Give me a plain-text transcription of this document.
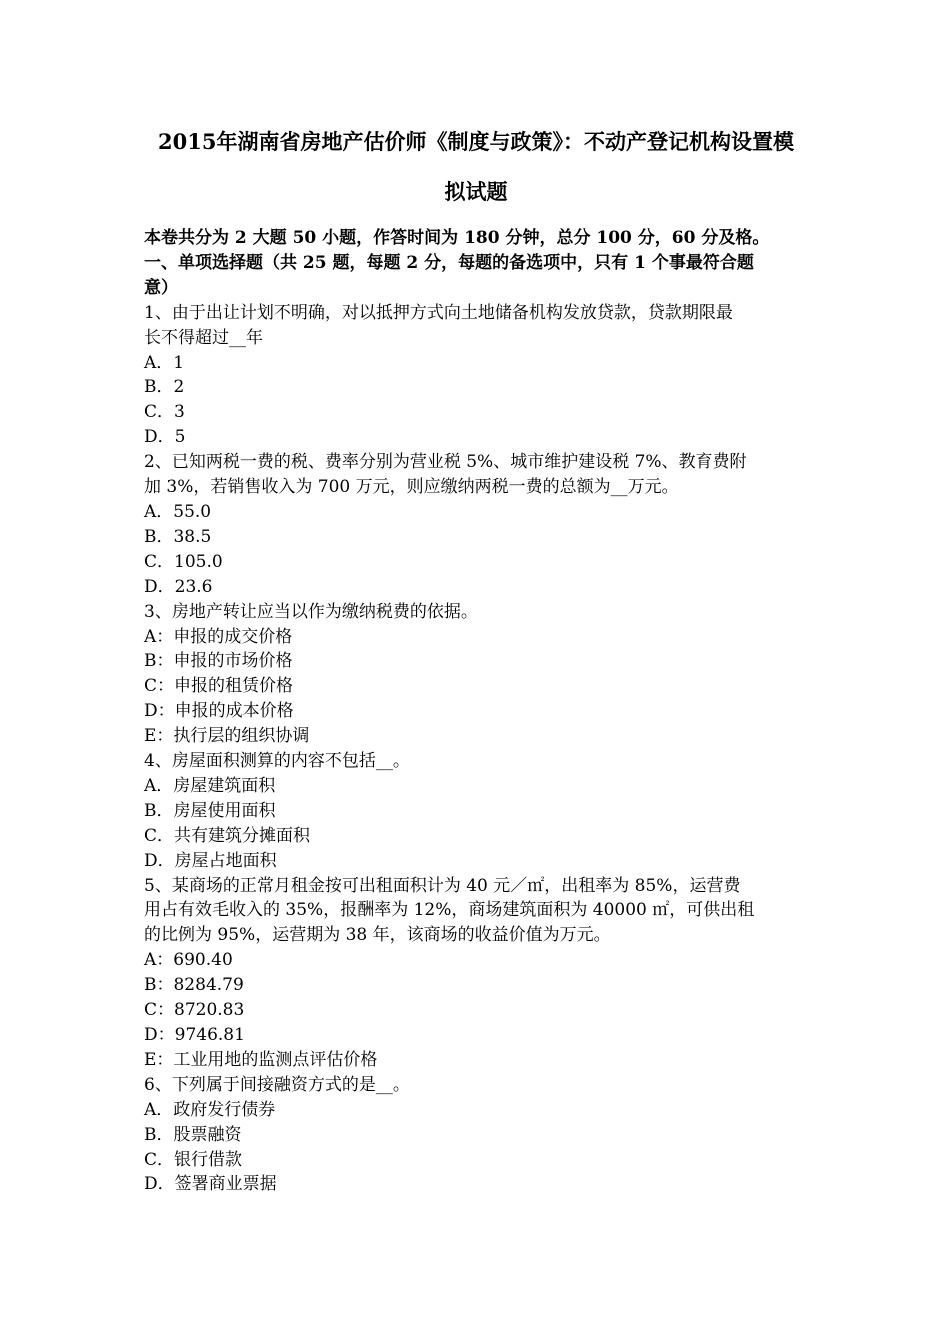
2015年湖南省房地产估价师《制度与政策》：不动产登记机构设置模
拟试题
本卷共分为 2 大题 50 小题，作答时间为 180 分钟，总分 100 分，60 分及格。
一、单项选择题（共 25 题，每题 2 分，每题的备选项中，只有 1 个事最符合题
意）
1、由于出让计划不明确，对以抵押方式向土地储备机构发放贷款，贷款期限最
长不得超过__年
A．1
B．2
C．3
D．5
2、已知两税一费的税、费率分别为营业税 5%、城市维护建设税 7%、教育费附
加 3%，若销售收入为 700 万元，则应缴纳两税一费的总额为__万元。
A．55.0
B．38.5
C．105.0
D．23.6
3、房地产转让应当以作为缴纳税费的依据。
A：申报的成交价格
B：申报的市场价格
C：申报的租赁价格
D：申报的成本价格
E：执行层的组织协调
4、房屋面积测算的内容不包括__。
A．房屋建筑面积
B．房屋使用面积
C．共有建筑分摊面积
D．房屋占地面积
5、某商场的正常月租金按可出租面积计为 40 元／㎡，出租率为 85%，运营费
用占有效毛收入的 35%，报酬率为 12%，商场建筑面积为 40000 ㎡，可供出租
的比例为 95%，运营期为 38 年，该商场的收益价值为万元。
A：690.40
B：8284.79
C：8720.83
D：9746.81
E：工业用地的监测点评估价格
6、下列属于间接融资方式的是__。
A．政府发行债券
B．股票融资
C．银行借款
D．签署商业票据
